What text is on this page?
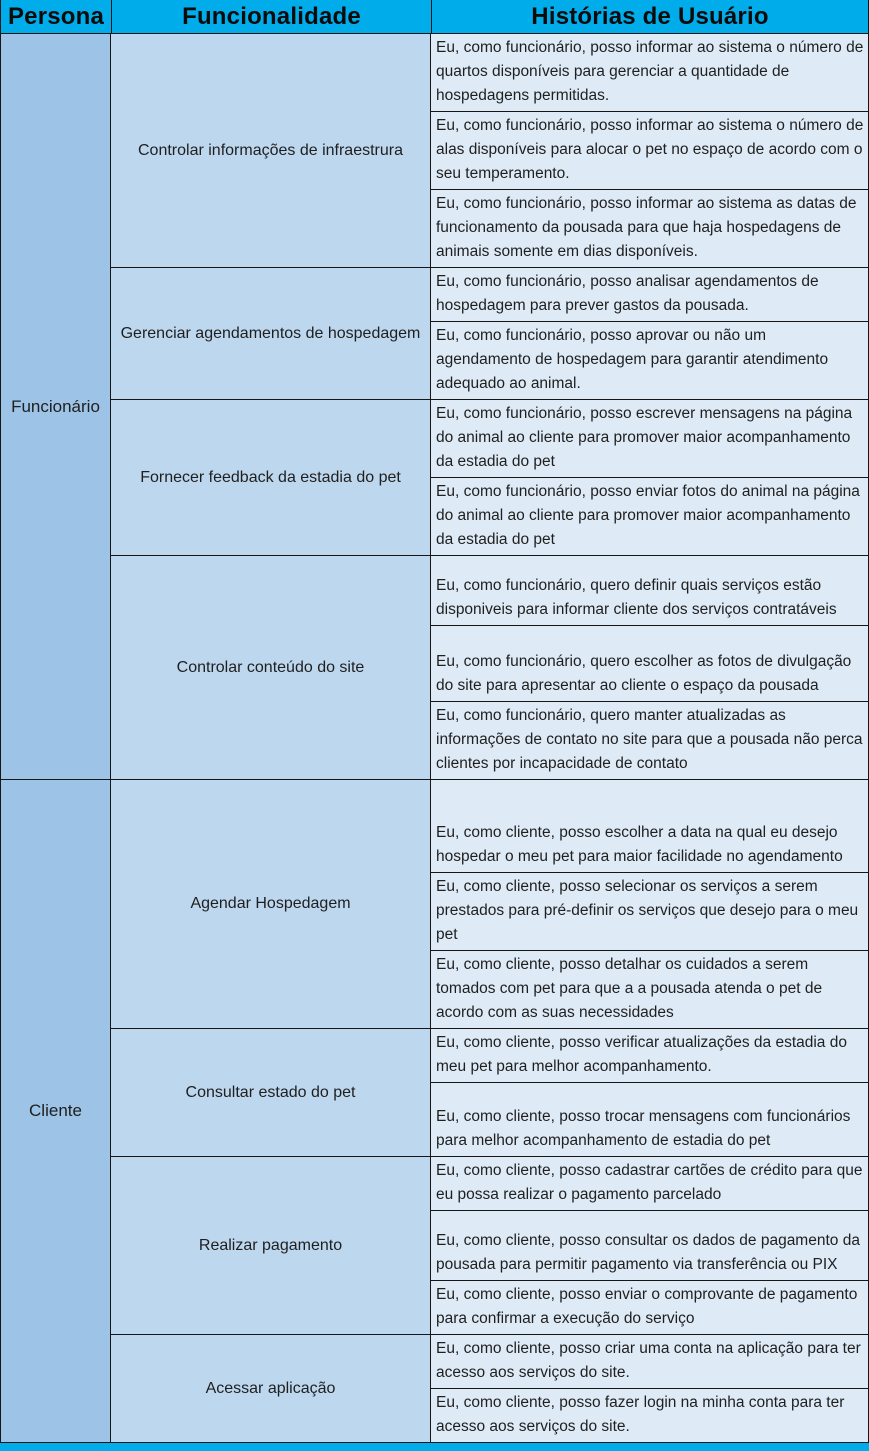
Persona	Funcionalidade	Histórias de Usuário
Funcionário
Controlar informações de infraestrura
Eu, como funcionário, posso informar ao sistema o número de quartos disponíveis para gerenciar a quantidade de hospedagens permitidas.
Eu, como funcionário, posso informar ao sistema o número de alas disponíveis para alocar o pet no espaço de acordo com o seu temperamento.
Eu, como funcionário, posso informar ao sistema as datas de funcionamento da pousada para que haja hospedagens de animais somente em dias disponíveis.
Gerenciar agendamentos de hospedagem
Eu, como funcionário, posso analisar agendamentos de hospedagem para prever gastos da pousada.
Eu, como funcionário, posso aprovar ou não um agendamento de hospedagem para garantir atendimento adequado ao animal.
Fornecer feedback da estadia do pet
Eu, como funcionário, posso escrever mensagens na página do animal ao cliente para promover maior acompanhamento da estadia do pet
Eu, como funcionário, posso enviar fotos do animal na página do animal ao cliente para promover maior acompanhamento da estadia do pet
Controlar conteúdo do site
Eu, como funcionário, quero definir quais serviços estão disponiveis para informar cliente dos serviços contratáveis
Eu, como funcionário, quero escolher as fotos de divulgação do site para apresentar ao cliente o espaço da pousada
Eu, como funcionário, quero manter atualizadas as informações de contato no site para que a pousada não perca clientes por incapacidade de contato
Cliente
Agendar Hospedagem
Eu, como cliente, posso escolher a data na qual eu desejo hospedar o meu pet para maior facilidade no agendamento
Eu, como cliente, posso selecionar os serviços a serem prestados para pré-definir os serviços que desejo para o meu pet
Eu, como cliente, posso detalhar os cuidados a serem tomados com pet para que a a pousada atenda o pet de acordo com as suas necessidades
Consultar estado do pet
Eu, como cliente, posso verificar atualizações da estadia do meu pet para melhor acompanhamento.
Eu, como cliente, posso trocar mensagens com funcionários para melhor acompanhamento de estadia do pet
Realizar pagamento
Eu, como cliente, posso cadastrar cartões de crédito para que eu possa realizar o pagamento parcelado
Eu, como cliente, posso consultar os dados de pagamento da pousada para permitir pagamento via transferência ou PIX
Eu, como cliente, posso enviar o comprovante de pagamento para confirmar a execução do serviço
Acessar aplicação
Eu, como cliente, posso criar uma conta na aplicação para ter acesso aos serviços do site.
Eu, como cliente, posso fazer login na minha conta para ter acesso aos serviços do site.
